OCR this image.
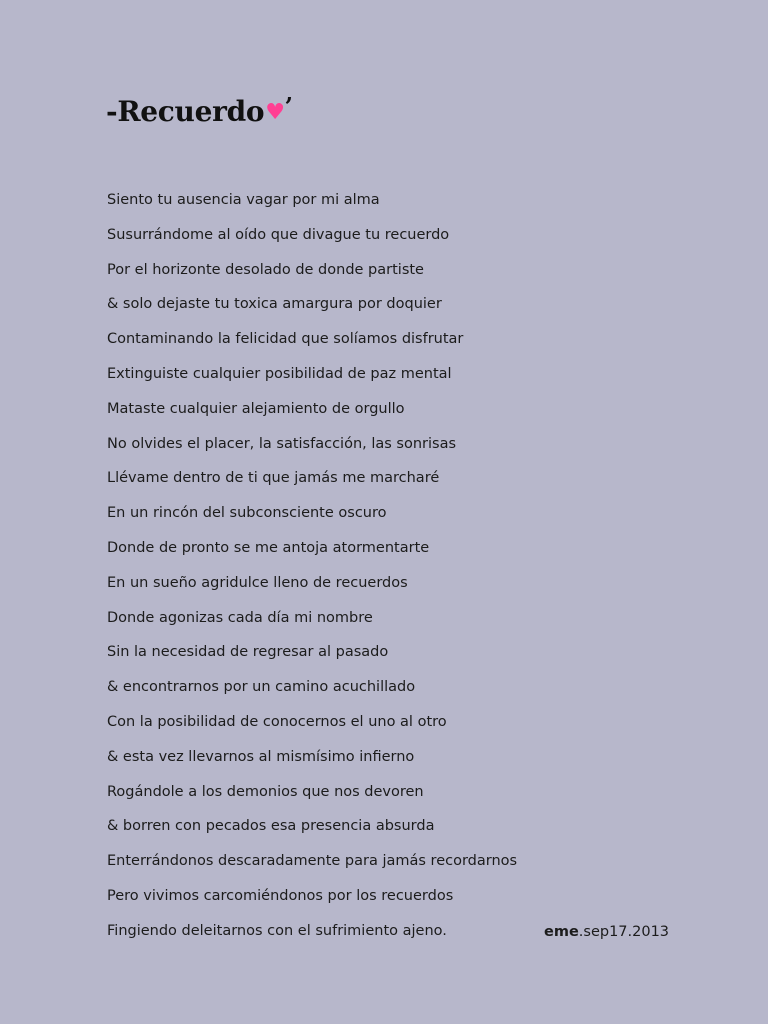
-Recuerdo♥’
Siento tu ausencia vagar por mi alma
Susurrándome al oído que divague tu recuerdo
Por el horizonte desolado de donde partiste
& solo dejaste tu toxica amargura por doquier
Contaminando la felicidad que solíamos disfrutar
Extinguiste cualquier posibilidad de paz mental
Mataste cualquier alejamiento de orgullo
No olvides el placer, la satisfacción, las sonrisas
Llévame dentro de ti que jamás me marcharé
En un rincón del subconsciente oscuro
Donde de pronto se me antoja atormentarte
En un sueño agridulce lleno de recuerdos
Donde agonizas cada día mi nombre
Sin la necesidad de regresar al pasado
& encontrarnos por un camino acuchillado
Con la posibilidad de conocernos el uno al otro
& esta vez llevarnos al mismísimo infierno
Rogándole a los demonios que nos devoren
& borren con pecados esa presencia absurda
Enterrándonos descaradamente para jamás recordarnos
Pero vivimos carcomiéndonos por los recuerdos
Fingiendo deleitarnos con el sufrimiento ajeno.	eme.sep17.2013
